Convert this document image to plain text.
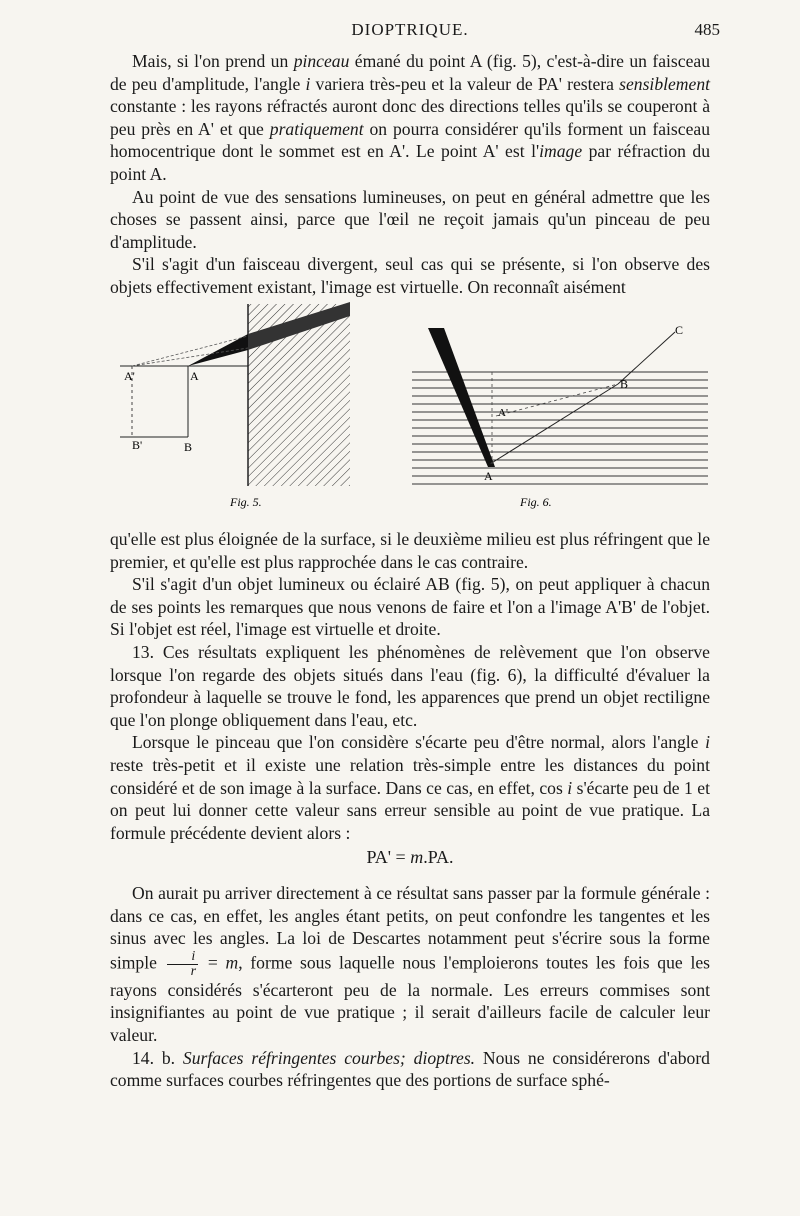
DIOPTRIQUE.	485

Mais, si l'on prend un pinceau émané du point A (fig. 5), c'est-à-dire un faisceau de peu d'amplitude, l'angle i variera très-peu et la valeur de PA' restera sensiblement constante : les rayons réfractés auront donc des directions telles qu'ils se couperont à peu près en A' et que pratiquement on pourra considérer qu'ils forment un faisceau homocentrique dont le sommet est en A'. Le point A' est l'image par réfraction du point A.

Au point de vue des sensations lumineuses, on peut en général admettre que les choses se passent ainsi, parce que l'œil ne reçoit jamais qu'un pinceau de peu d'amplitude.

S'il s'agit d'un faisceau divergent, seul cas qui se présente, si l'on observe des objets effectivement existant, l'image est virtuelle. On reconnaît aisément

A'	A
B'	B
Fig. 5.
C
B
A'
A
Fig. 6.

qu'elle est plus éloignée de la surface, si le deuxième milieu est plus réfringent que le premier, et qu'elle est plus rapprochée dans le cas contraire.

S'il s'agit d'un objet lumineux ou éclairé AB (fig. 5), on peut appliquer à chacun de ses points les remarques que nous venons de faire et l'on a l'image A'B' de l'objet. Si l'objet est réel, l'image est virtuelle et droite.

13. Ces résultats expliquent les phénomènes de relèvement que l'on observe lorsque l'on regarde des objets situés dans l'eau (fig. 6), la difficulté d'évaluer la profondeur à laquelle se trouve le fond, les apparences que prend un objet rectiligne que l'on plonge obliquement dans l'eau, etc.

Lorsque le pinceau que l'on considère s'écarte peu d'être normal, alors l'angle i reste très-petit et il existe une relation très-simple entre les distances du point considéré et de son image à la surface. Dans ce cas, en effet, cos i s'écarte peu de 1 et on peut lui donner cette valeur sans erreur sensible au point de vue pratique. La formule précédente devient alors :

PA' = m.PA.

On aurait pu arriver directement à ce résultat sans passer par la formule générale : dans ce cas, en effet, les angles étant petits, on peut confondre les tangentes et les sinus avec les angles. La loi de Descartes notamment peut s'écrire sous la forme simple $\frac{i}{r} = m$, forme sous laquelle nous l'emploierons toutes les fois que les rayons considérés s'écarteront peu de la normale. Les erreurs commises sont insignifiantes au point de vue pratique ; il serait d'ailleurs facile de calculer leur valeur.

14. b. Surfaces réfringentes courbes; dioptres. Nous ne considérerons d'abord comme surfaces courbes réfringentes que des portions de surface sphé-
